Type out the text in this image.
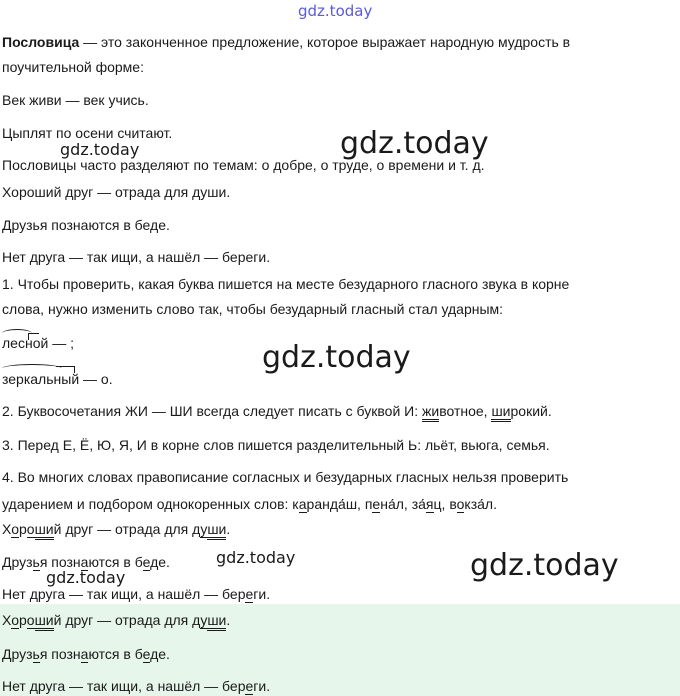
gdz.today
gdz.today
gdz.today
gdz.today
gdz.today
gdz.today	gdz.today
Пословица — это законченное предложение, которое выражает народную мудрость в
поучительной форме:
Век живи — век учись.
Цыплят по осени считают.
Пословицы часто разделяют по темам: о добре, о труде, о времени и т. д.
Хороший друг — отрада для души.
Друзья познаются в беде.
Нет друга — так ищи, а нашёл — береги.
1. Чтобы проверить, какая буква пишется на месте безударного гласного звука в корне
слова, нужно изменить слово так, чтобы безударный гласный стал ударным:
лесной — ;
зеркальный — о.
2. Буквосочетания ЖИ — ШИ всегда следует писать с буквой И: животное, широкий.
3. Перед Е, Ё, Ю, Я, И в корне слов пишется разделительный Ь: льёт, вьюга, семья.
4. Во многих словах правописание согласных и безударных гласных нельзя проверить
ударением и подбором однокоренных слов: каранда́ш, пена́л, за́яц, вокза́л.
Хороший друг — отрада для души.
Друзья познаются в беде.
Нет друга — так ищи, а нашёл — береги.
Хороший друг — отрада для души.
Друзья познаются в беде.
Нет друга — так ищи, а нашёл — береги.
